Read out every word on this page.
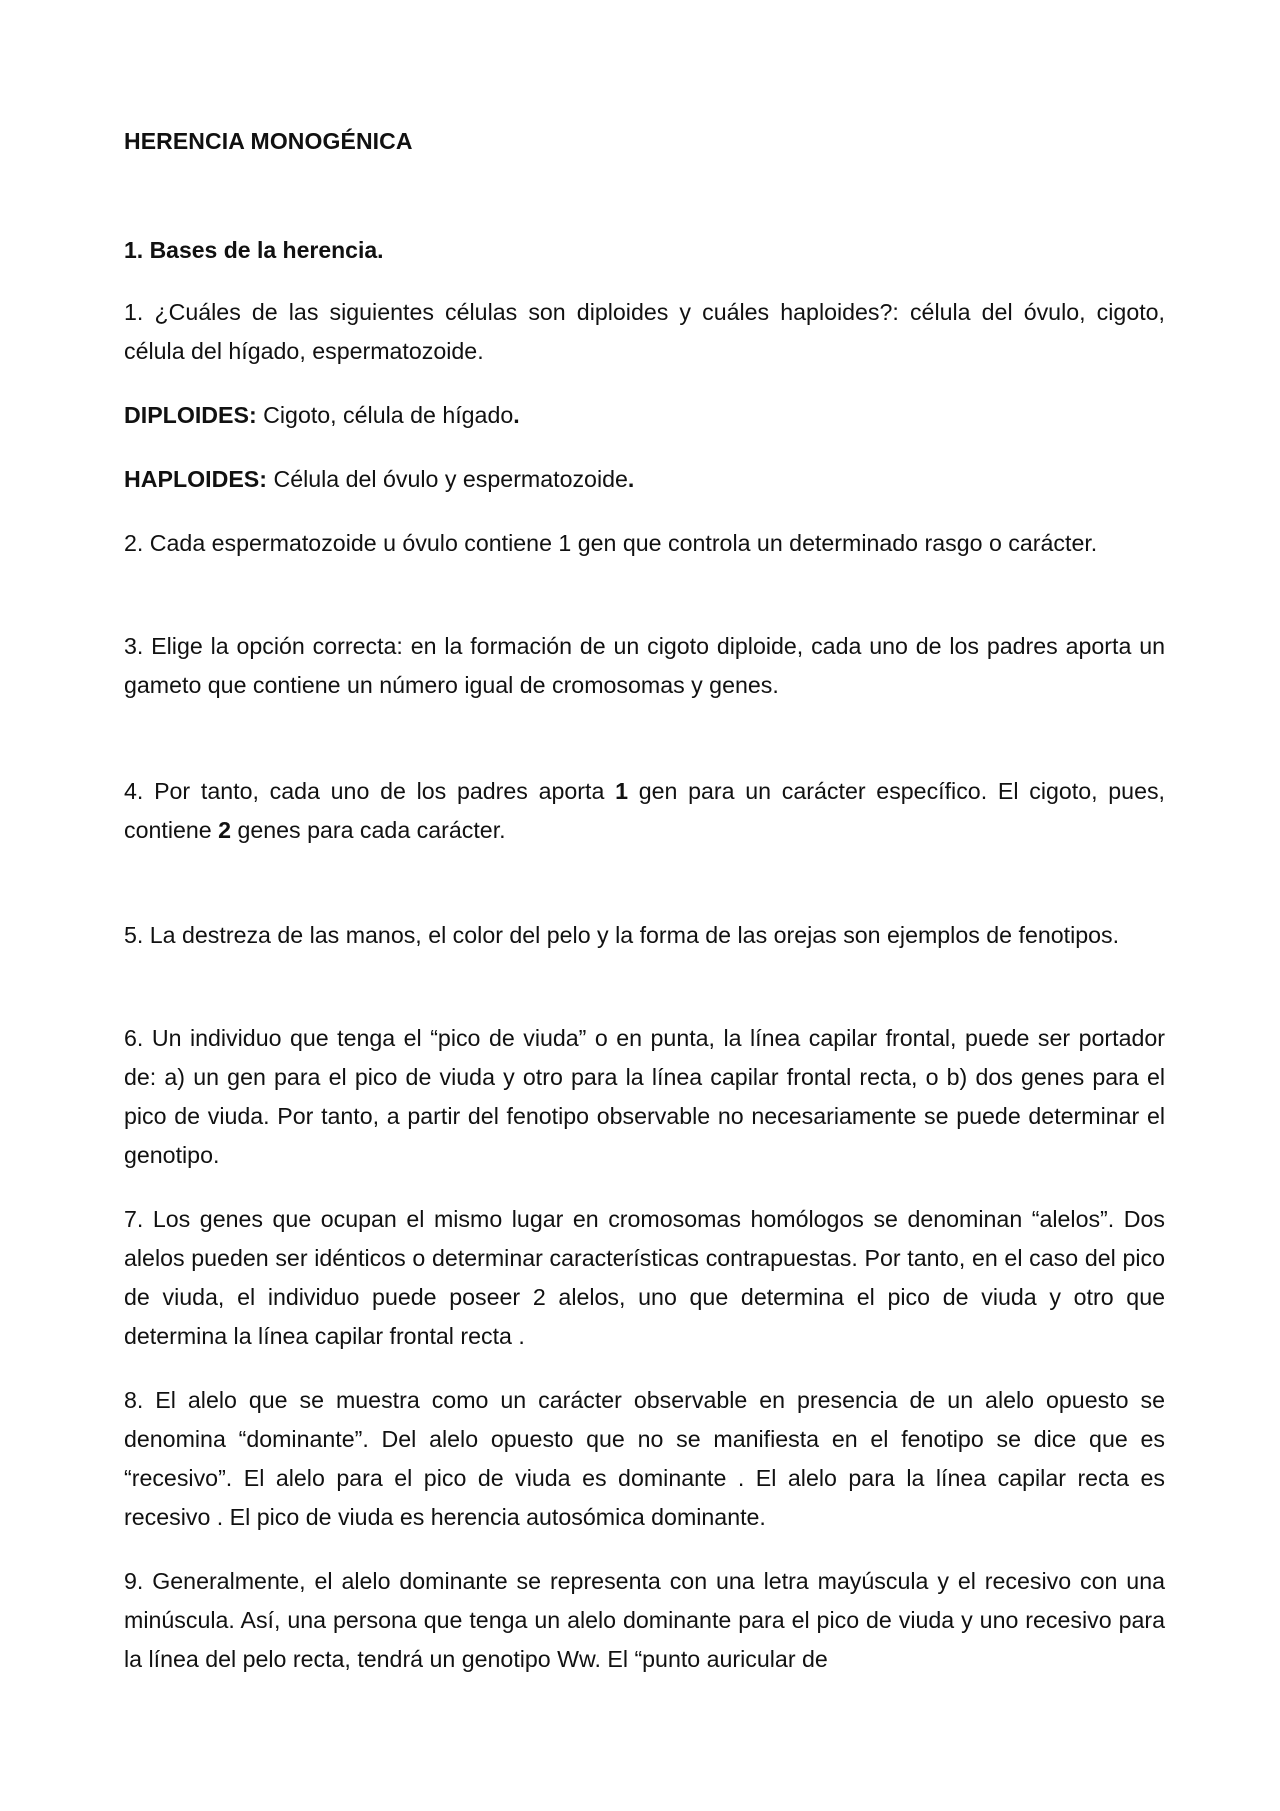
HERENCIA MONOGÉNICA
1. Bases de la herencia.

1. ¿Cuáles de las siguientes células son diploides y cuáles haploides?: célula del óvulo, cigoto, célula del hígado, espermatozoide.

DIPLOIDES: Cigoto, célula de hígado.

HAPLOIDES: Célula del óvulo y espermatozoide.

2. Cada espermatozoide u óvulo contiene 1 gen que controla un determinado rasgo o carácter.

3. Elige la opción correcta: en la formación de un cigoto diploide, cada uno de los padres aporta un gameto que contiene un número igual de cromosomas y genes.

4. Por tanto, cada uno de los padres aporta 1 gen para un carácter específico. El cigoto, pues, contiene 2 genes para cada carácter.

5. La destreza de las manos, el color del pelo y la forma de las orejas son ejemplos de fenotipos.

6. Un individuo que tenga el “pico de viuda” o en punta, la línea capilar frontal, puede ser portador de: a) un gen para el pico de viuda y otro para la línea capilar frontal recta, o b) dos genes para el pico de viuda. Por tanto, a partir del fenotipo observable no necesariamente se puede determinar el genotipo.

7. Los genes que ocupan el mismo lugar en cromosomas homólogos se denominan “alelos”. Dos alelos pueden ser idénticos o determinar características contrapuestas. Por tanto, en el caso del pico de viuda, el individuo puede poseer 2 alelos, uno que determina el pico de viuda y otro que determina la línea capilar frontal recta .

8. El alelo que se muestra como un carácter observable en presencia de un alelo opuesto se denomina “dominante”. Del alelo opuesto que no se manifiesta en el fenotipo se dice que es “recesivo”. El alelo para el pico de viuda es dominante . El alelo para la línea capilar recta es recesivo . El pico de viuda es herencia autosómica dominante.

9. Generalmente, el alelo dominante se representa con una letra mayúscula y el recesivo con una minúscula. Así, una persona que tenga un alelo dominante para el pico de viuda y uno recesivo para la línea del pelo recta, tendrá un genotipo Ww. El “punto auricular de
